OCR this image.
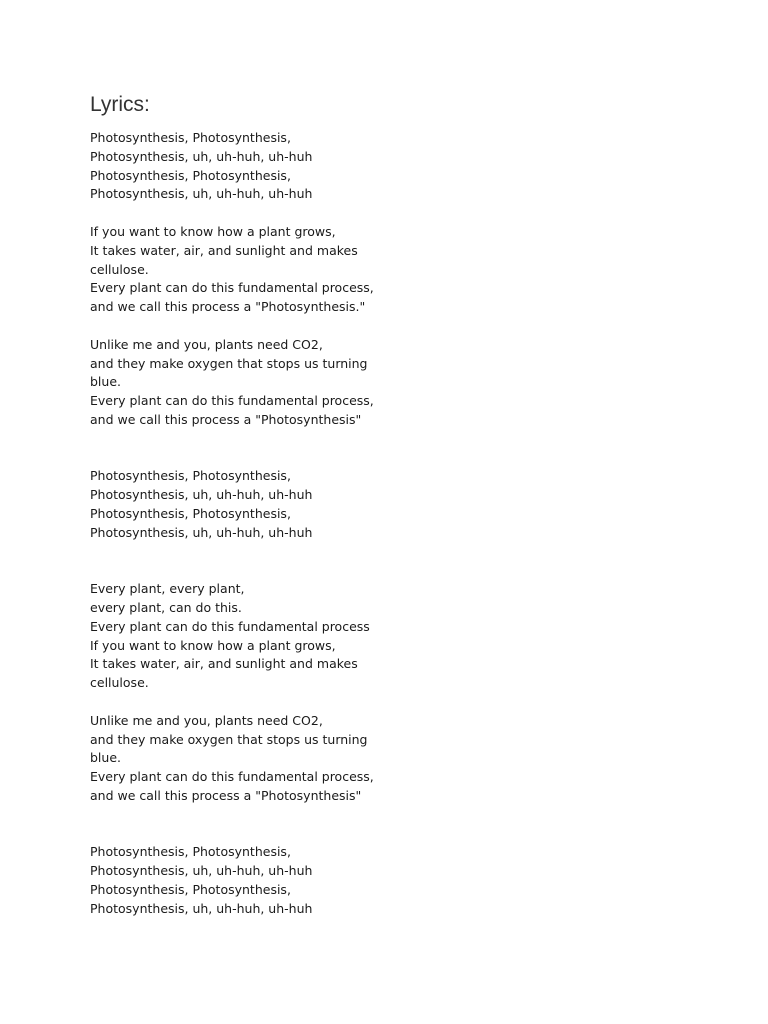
Lyrics:
Photosynthesis, Photosynthesis,
Photosynthesis, uh, uh-huh, uh-huh
Photosynthesis, Photosynthesis,
Photosynthesis, uh, uh-huh, uh-huh
If you want to know how a plant grows,
It takes water, air, and sunlight and makes
cellulose.
Every plant can do this fundamental process,
and we call this process a "Photosynthesis."
Unlike me and you, plants need CO2,
and they make oxygen that stops us turning
blue.
Every plant can do this fundamental process,
and we call this process a "Photosynthesis"
Photosynthesis, Photosynthesis,
Photosynthesis, uh, uh-huh, uh-huh
Photosynthesis, Photosynthesis,
Photosynthesis, uh, uh-huh, uh-huh
Every plant, every plant,
every plant, can do this.
Every plant can do this fundamental process
If you want to know how a plant grows,
It takes water, air, and sunlight and makes
cellulose.
Unlike me and you, plants need CO2,
and they make oxygen that stops us turning
blue.
Every plant can do this fundamental process,
and we call this process a "Photosynthesis"
Photosynthesis, Photosynthesis,
Photosynthesis, uh, uh-huh, uh-huh
Photosynthesis, Photosynthesis,
Photosynthesis, uh, uh-huh, uh-huh
